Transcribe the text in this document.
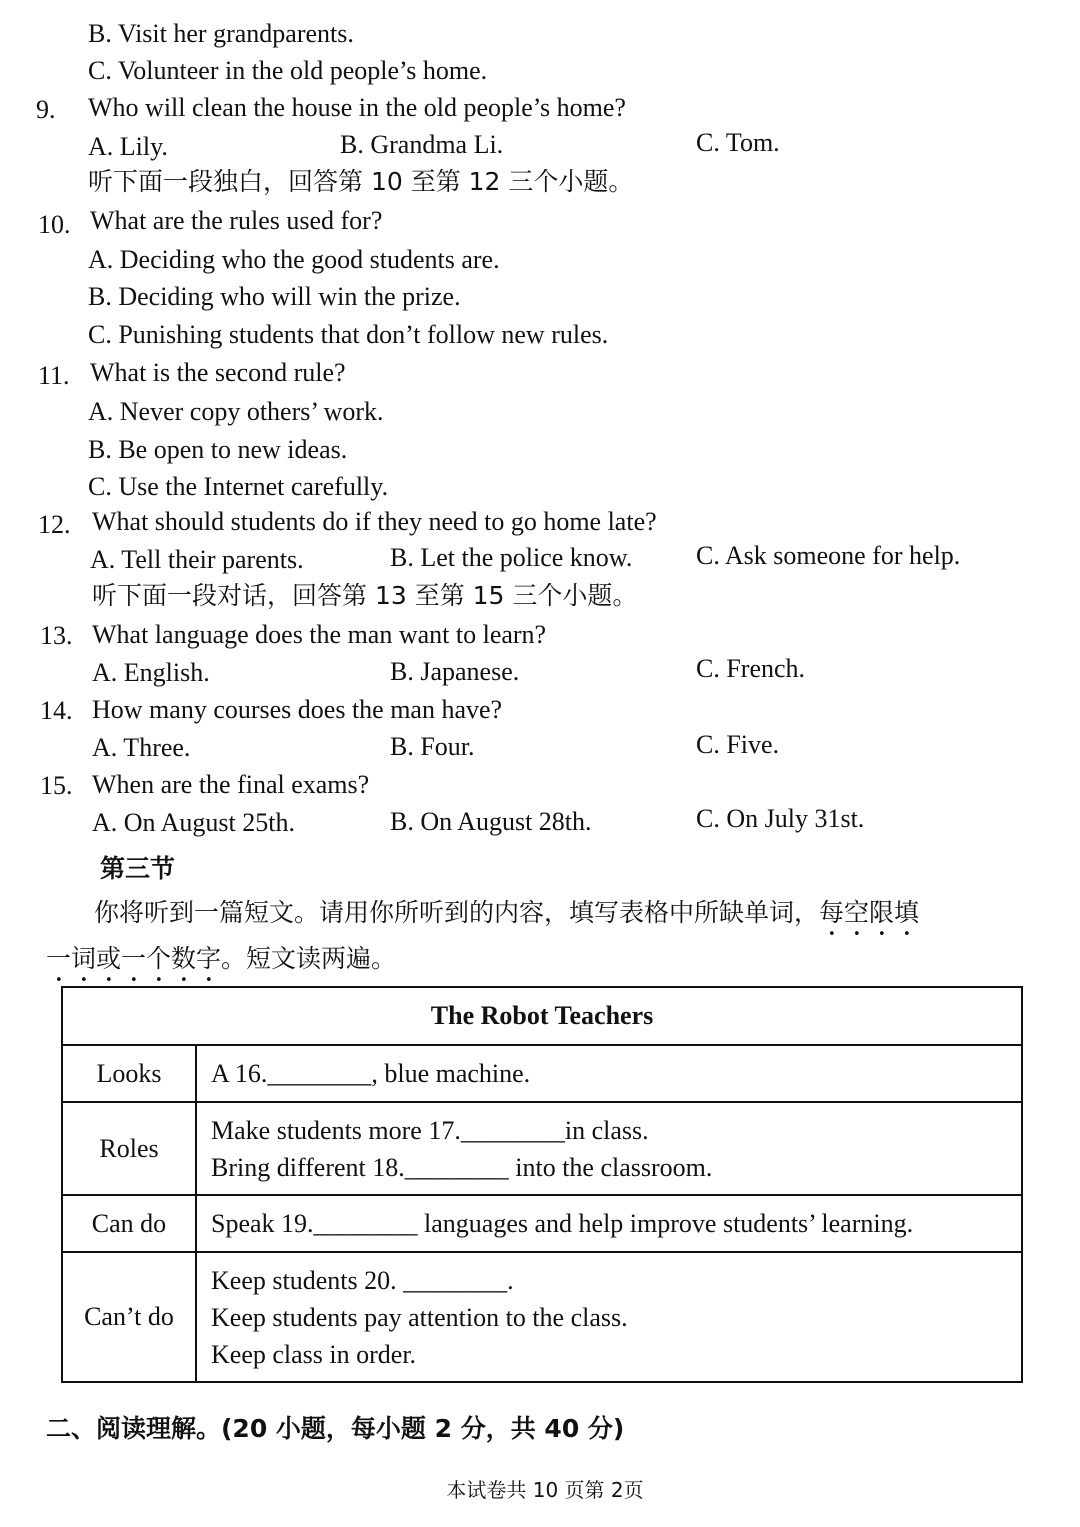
B. Visit her grandparents.
C. Volunteer in the old people’s home.
9. Who will clean the house in the old people’s home?
A. Lily.	B. Grandma Li.	C. Tom.
听下面一段独白，回答第 10 至第 12 三个小题。
10. What are the rules used for?
A. Deciding who the good students are.
B. Deciding who will win the prize.
C. Punishing students that don’t follow new rules.
11. What is the second rule?
A. Never copy others’ work.
B. Be open to new ideas.
C. Use the Internet carefully.
12. What should students do if they need to go home late?
A. Tell their parents.	B. Let the police know. C. Ask someone for help.
听下面一段对话，回答第 13 至第 15 三个小题。
13. What language does the man want to learn?
A. English.	B. Japanese.	C. French.
14. How many courses does the man have?
A. Three.	B. Four.	C. Five.
15. When are the final exams?
A. On August 25th.	B. On August 28th.	C. On July 31st.
第三节
你将听到一篇短文。请用你所听到的内容，填写表格中所缺单词，每空限填
一词或一个数字。短文读两遍。
The Robot Teachers	
Looks	A 16.________, blue machine.

Roles	Make students more 17.________in class.
Bring different 18.________ into the classroom.

Can do	Speak 19.________ languages and help improve students’ learning.

Can’t do	Keep students 20. ________.
Keep students pay attention to the class.
Keep class in order.
二、阅读理解。(20 小题，每小题 2 分，共 40 分)
本试卷共 10 页第 2页
